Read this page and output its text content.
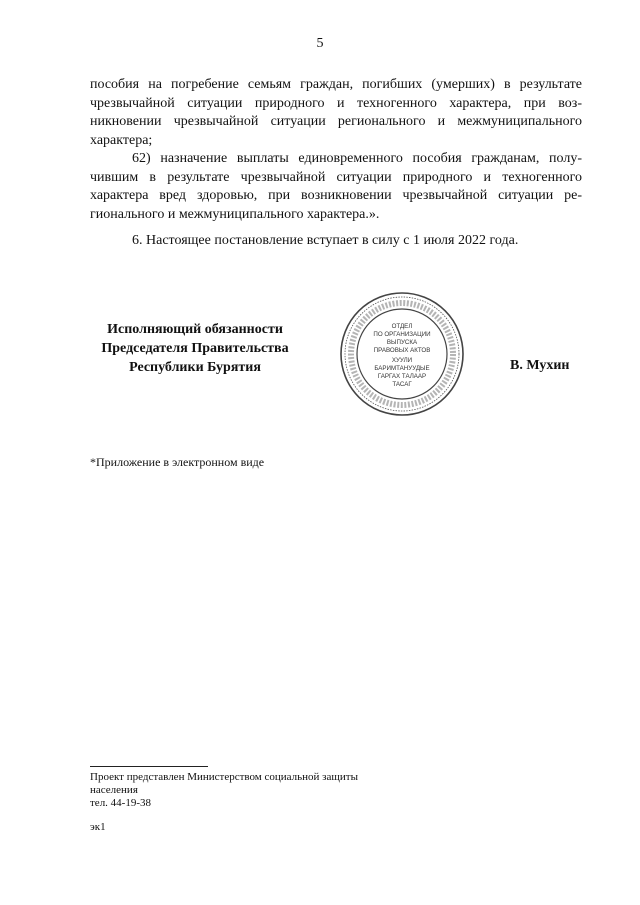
5

пособия на погребение семьям граждан, погибших (умерших) в результате чрезвычайной ситуации природного и техногенного характера, при возникновении чрезвычайной ситуации регионального и межмуниципального характера;

62) назначение выплаты единовременного пособия гражданам, получившим в результате чрезвычайной ситуации природного и техногенного характера вред здоровью, при возникновении чрезвычайной ситуации регионального и межмуниципального характера.».

6. Настоящее постановление вступает в силу с 1 июля 2022 года.

Исполняющий обязанности
Председателя Правительства
Республики Бурятия
ОТДЕЛ
ПО ОРГАНИЗАЦИИ
ВЫПУСКА
ПРАВОВЫХ АКТОВ
ХУУЛИ
БАРИМТАНУУДЫЕ
ГАРГАХ ТАЛААР
ТАСАГ
В. Мухин
*Приложение в электронном виде
Проект представлен Министерством социальной защиты
населения
тел. 44-19-38
эк1
